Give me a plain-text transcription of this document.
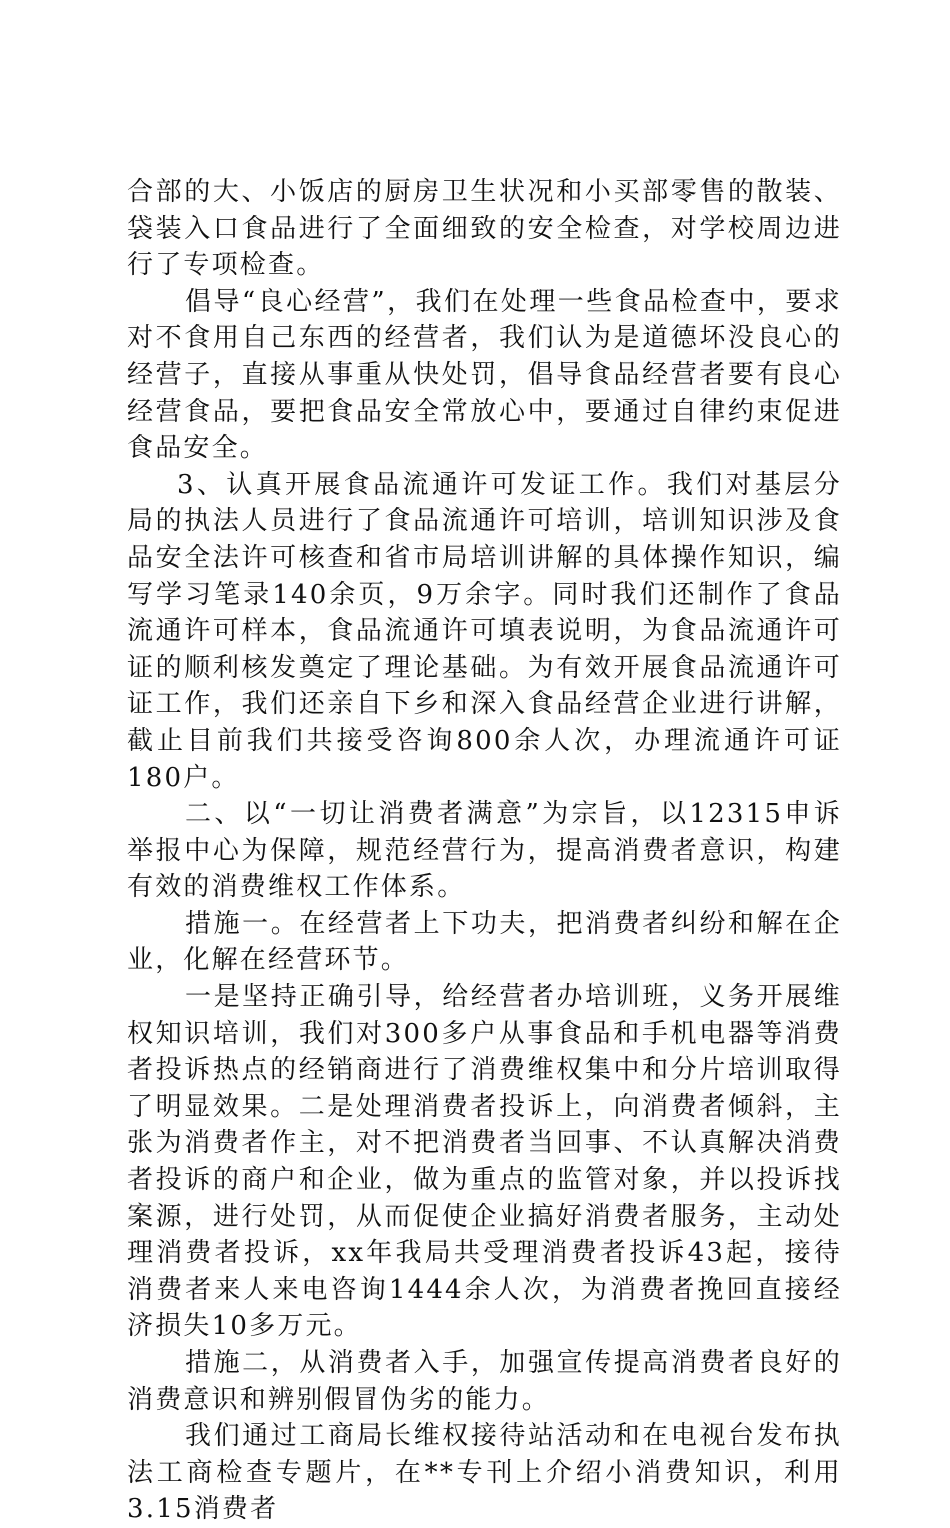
合部的大、小饭店的厨房卫生状况和小买部零售的散装、袋装入口食品进行了全面细致的安全检查，对学校周边进行了专项检查。

倡导“良心经营”，我们在处理一些食品检查中，要求对不食用自己东西的经营者，我们认为是道德坏没良心的经营子，直接从事重从快处罚，倡导食品经营者要有良心经营食品，要把食品安全常放心中，要通过自律约束促进食品安全。

3、认真开展食品流通许可发证工作。我们对基层分局的执法人员进行了食品流通许可培训，培训知识涉及食品安全法许可核查和省市局培训讲解的具体操作知识，编写学习笔录140余页，9万余字。同时我们还制作了食品流通许可样本，食品流通许可填表说明，为食品流通许可证的顺利核发奠定了理论基础。为有效开展食品流通许可证工作，我们还亲自下乡和深入食品经营企业进行讲解，截止目前我们共接受咨询800余人次，办理流通许可证180户。

二、以“一切让消费者满意”为宗旨，以12315申诉举报中心为保障，规范经营行为，提高消费者意识，构建有效的消费维权工作体系。

措施一。在经营者上下功夫，把消费者纠纷和解在企业，化解在经营环节。

一是坚持正确引导，给经营者办培训班，义务开展维权知识培训，我们对300多户从事食品和手机电器等消费者投诉热点的经销商进行了消费维权集中和分片培训取得了明显效果。二是处理消费者投诉上，向消费者倾斜，主张为消费者作主，对不把消费者当回事、不认真解决消费者投诉的商户和企业，做为重点的监管对象，并以投诉找案源，进行处罚，从而促使企业搞好消费者服务，主动处理消费者投诉，xx年我局共受理消费者投诉43起，接待消费者来人来电咨询1444余人次，为消费者挽回直接经济损失10多万元。

措施二，从消费者入手，加强宣传提高消费者良好的消费意识和辨别假冒伪劣的能力。

我们通过工商局长维权接待站活动和在电视台发布执法工商检查专题片，在**专刊上介绍小消费知识，利用3.15消费者
